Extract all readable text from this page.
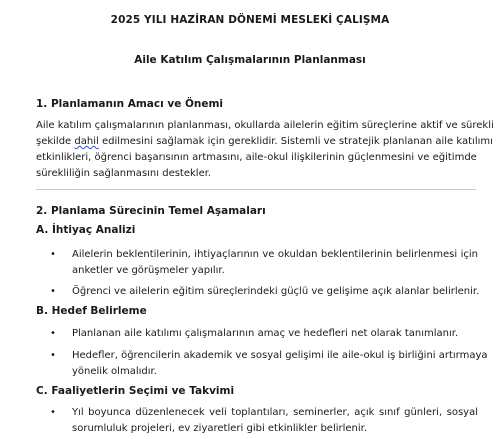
2025 YILI HAZİRAN DÖNEMİ MESLEKİ ÇALIŞMA
Aile Katılım Çalışmalarının Planlanması
1. Planlamanın Amacı ve Önemi
Aile katılım çalışmalarının planlanması, okullarda ailelerin eğitim süreçlerine aktif ve sürekli
şekilde dahil edilmesini sağlamak için gereklidir. Sistemli ve stratejik planlanan aile katılımı
etkinlikleri, öğrenci başarısının artmasını, aile-okul ilişkilerinin güçlenmesini ve eğitimde
sürekliliğin sağlanmasını destekler.
2. Planlama Sürecinin Temel Aşamaları
A. İhtiyaç Analizi
• Ailelerin beklentilerinin, ihtiyaçlarının ve okuldan beklentilerinin belirlenmesi için
anketler ve görüşmeler yapılır.
• Öğrenci ve ailelerin eğitim süreçlerindeki güçlü ve gelişime açık alanlar belirlenir.
B. Hedef Belirleme
• Planlanan aile katılımı çalışmalarının amaç ve hedefleri net olarak tanımlanır.
• Hedefler, öğrencilerin akademik ve sosyal gelişimi ile aile-okul iş birliğini artırmaya
yönelik olmalıdır.
C. Faaliyetlerin Seçimi ve Takvimi
• Yıl boyunca düzenlenecek veli toplantıları, seminerler, açık sınıf günleri, sosyal
sorumluluk projeleri, ev ziyaretleri gibi etkinlikler belirlenir.
